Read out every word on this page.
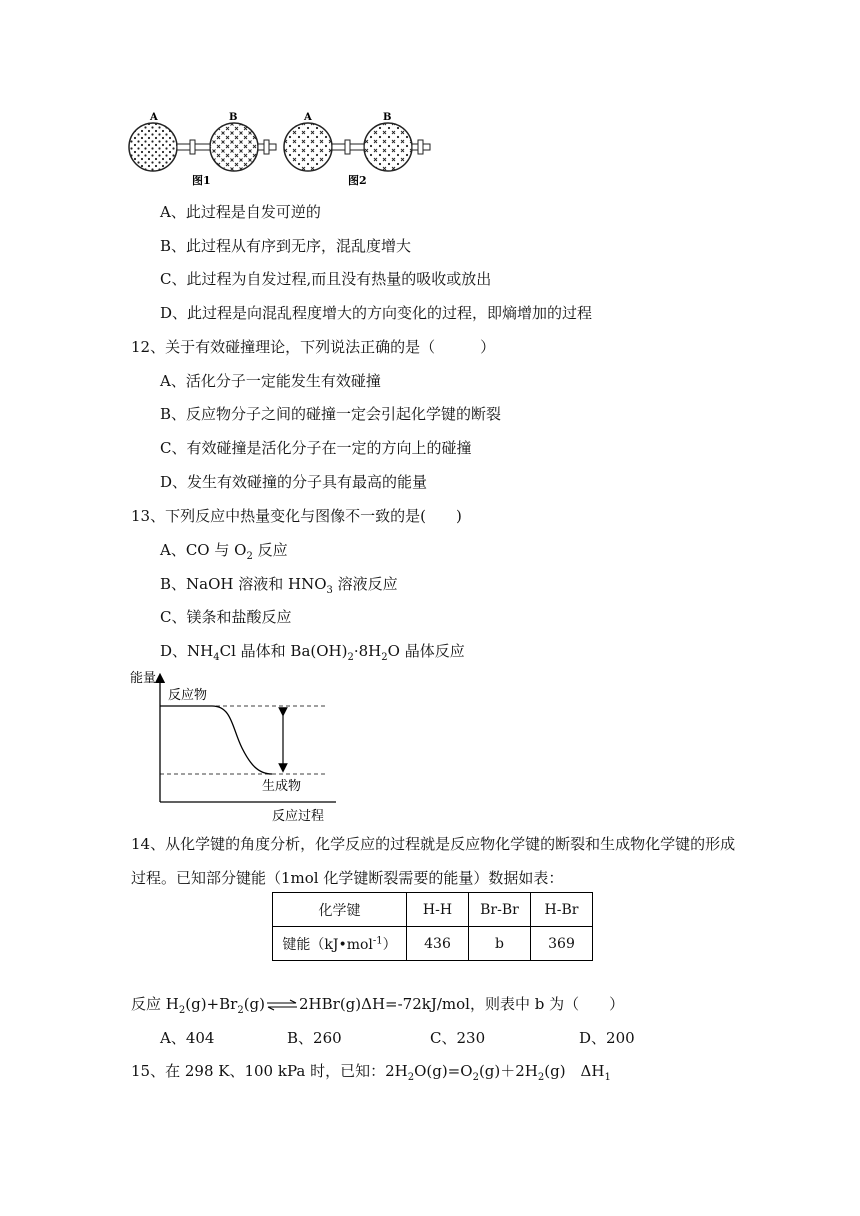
A	B
图1
A	B
图2
A、此过程是自发可逆的
B、此过程从有序到无序，混乱度增大
C、此过程为自发过程,而且没有热量的吸收或放出
D、此过程是向混乱程度增大的方向变化的过程，即熵增加的过程
12、关于有效碰撞理论，下列说法正确的是（　　　）
A、活化分子一定能发生有效碰撞
B、反应物分子之间的碰撞一定会引起化学键的断裂
C、有效碰撞是活化分子在一定的方向上的碰撞
D、发生有效碰撞的分子具有最高的能量
13、下列反应中热量变化与图像不一致的是(　　)
A、CO 与 $O_2$ 反应
B、NaOH 溶液和 $HNO_3$ 溶液反应
C、镁条和盐酸反应
D、$NH_4Cl$ 晶体和 $Ba(OH)_2\cdot 8H_2O$ 晶体反应
能量
反应物
生成物
反应过程
14、从化学键的角度分析，化学反应的过程就是反应物化学键的断裂和生成物化学键的形成
过程。已知部分键能（1mol 化学键断裂需要的能量）数据如表：
化学键	H-H	Br-Br	H-Br
键能（kJ•mol$^{-1}$）	436	b	369
反应 $H_2(g)+Br_2(g)\rightleftharpoons 2HBr(g)\Delta H=-72kJ$/mol，则表中 b 为（　　）
A、404	B、260	C、230	D、200
15、在 298 K、100 kPa 时，已知：$2H_2O(g)=O_2(g)+2H_2(g)$　$\Delta H_1$
